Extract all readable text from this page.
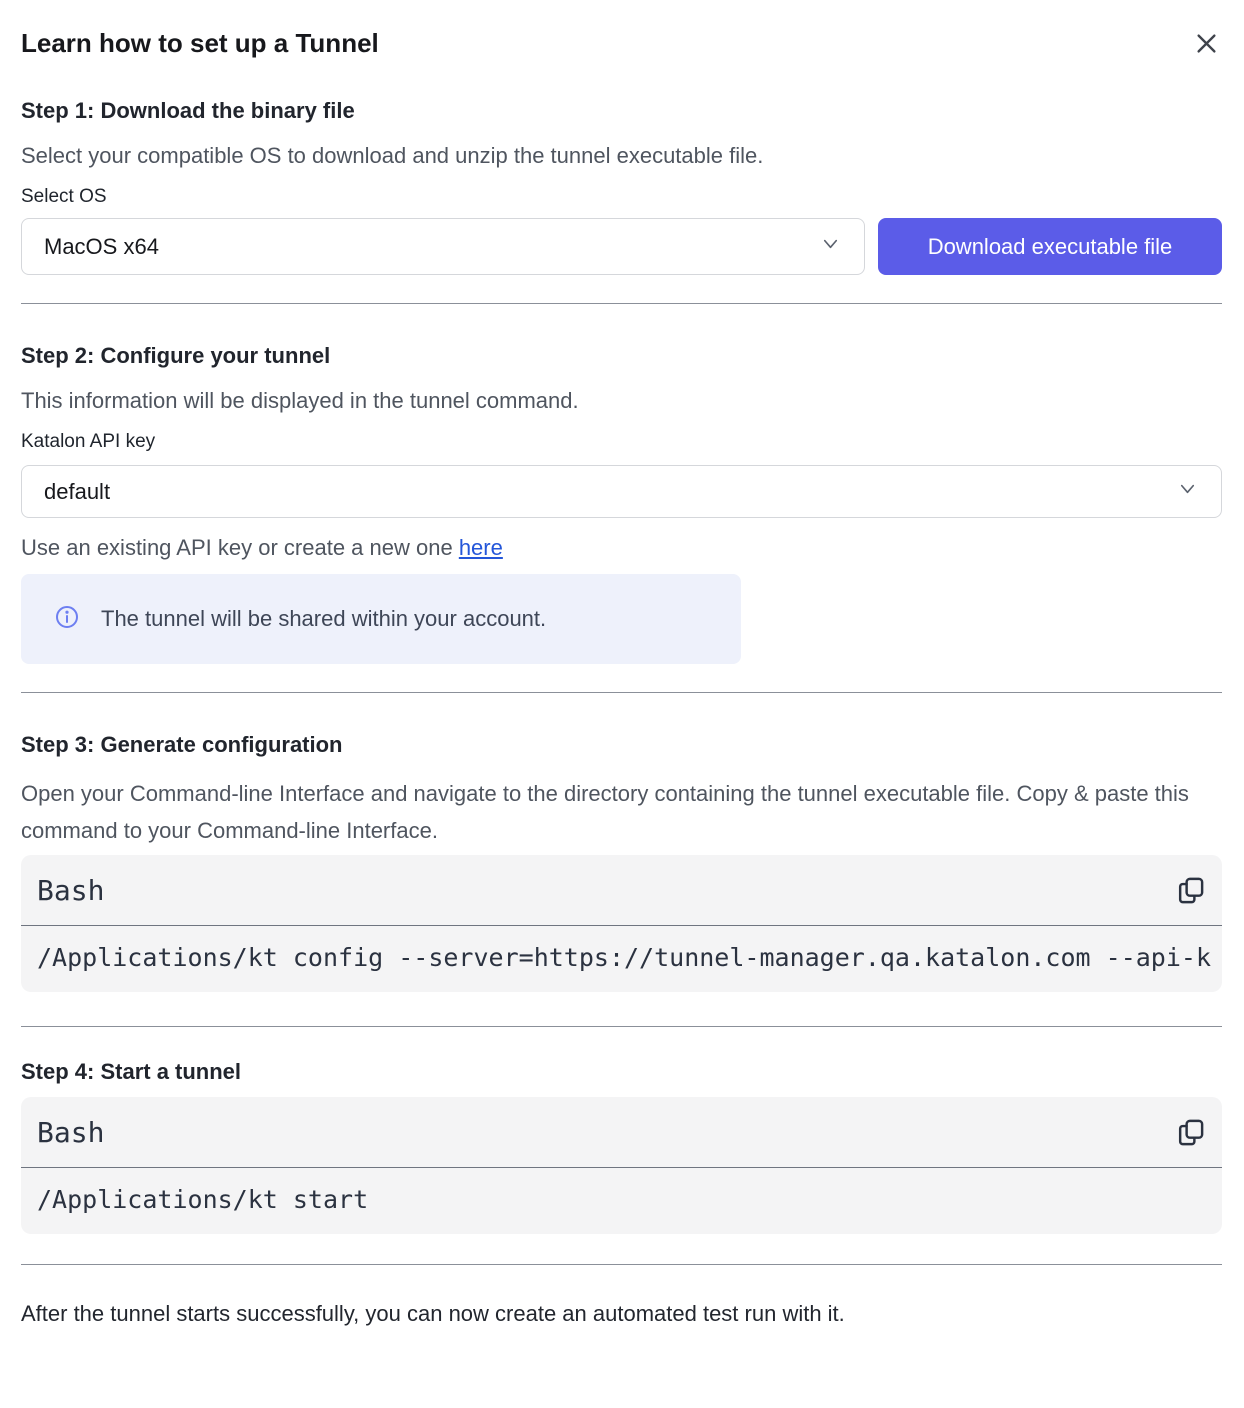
Learn how to set up a Tunnel
Step 1: Download the binary file

Select your compatible OS to download and unzip the tunnel executable file.

Select OS
MacOS x64	Download executable file
Step 2: Configure your tunnel

This information will be displayed in the tunnel command.

Katalon API key
default

Use an existing API key or create a new one here

The tunnel will be shared within your account.
Step 3: Generate configuration

Open your Command-line Interface and navigate to the directory containing the tunnel executable file. Copy & paste this command to your Command-line Interface.

Bash
/Applications/kt config --server=https://tunnel-manager.qa.katalon.com --api-k
Step 4: Start a tunnel
Bash
/Applications/kt start

After the tunnel starts successfully, you can now create an automated test run with it.
